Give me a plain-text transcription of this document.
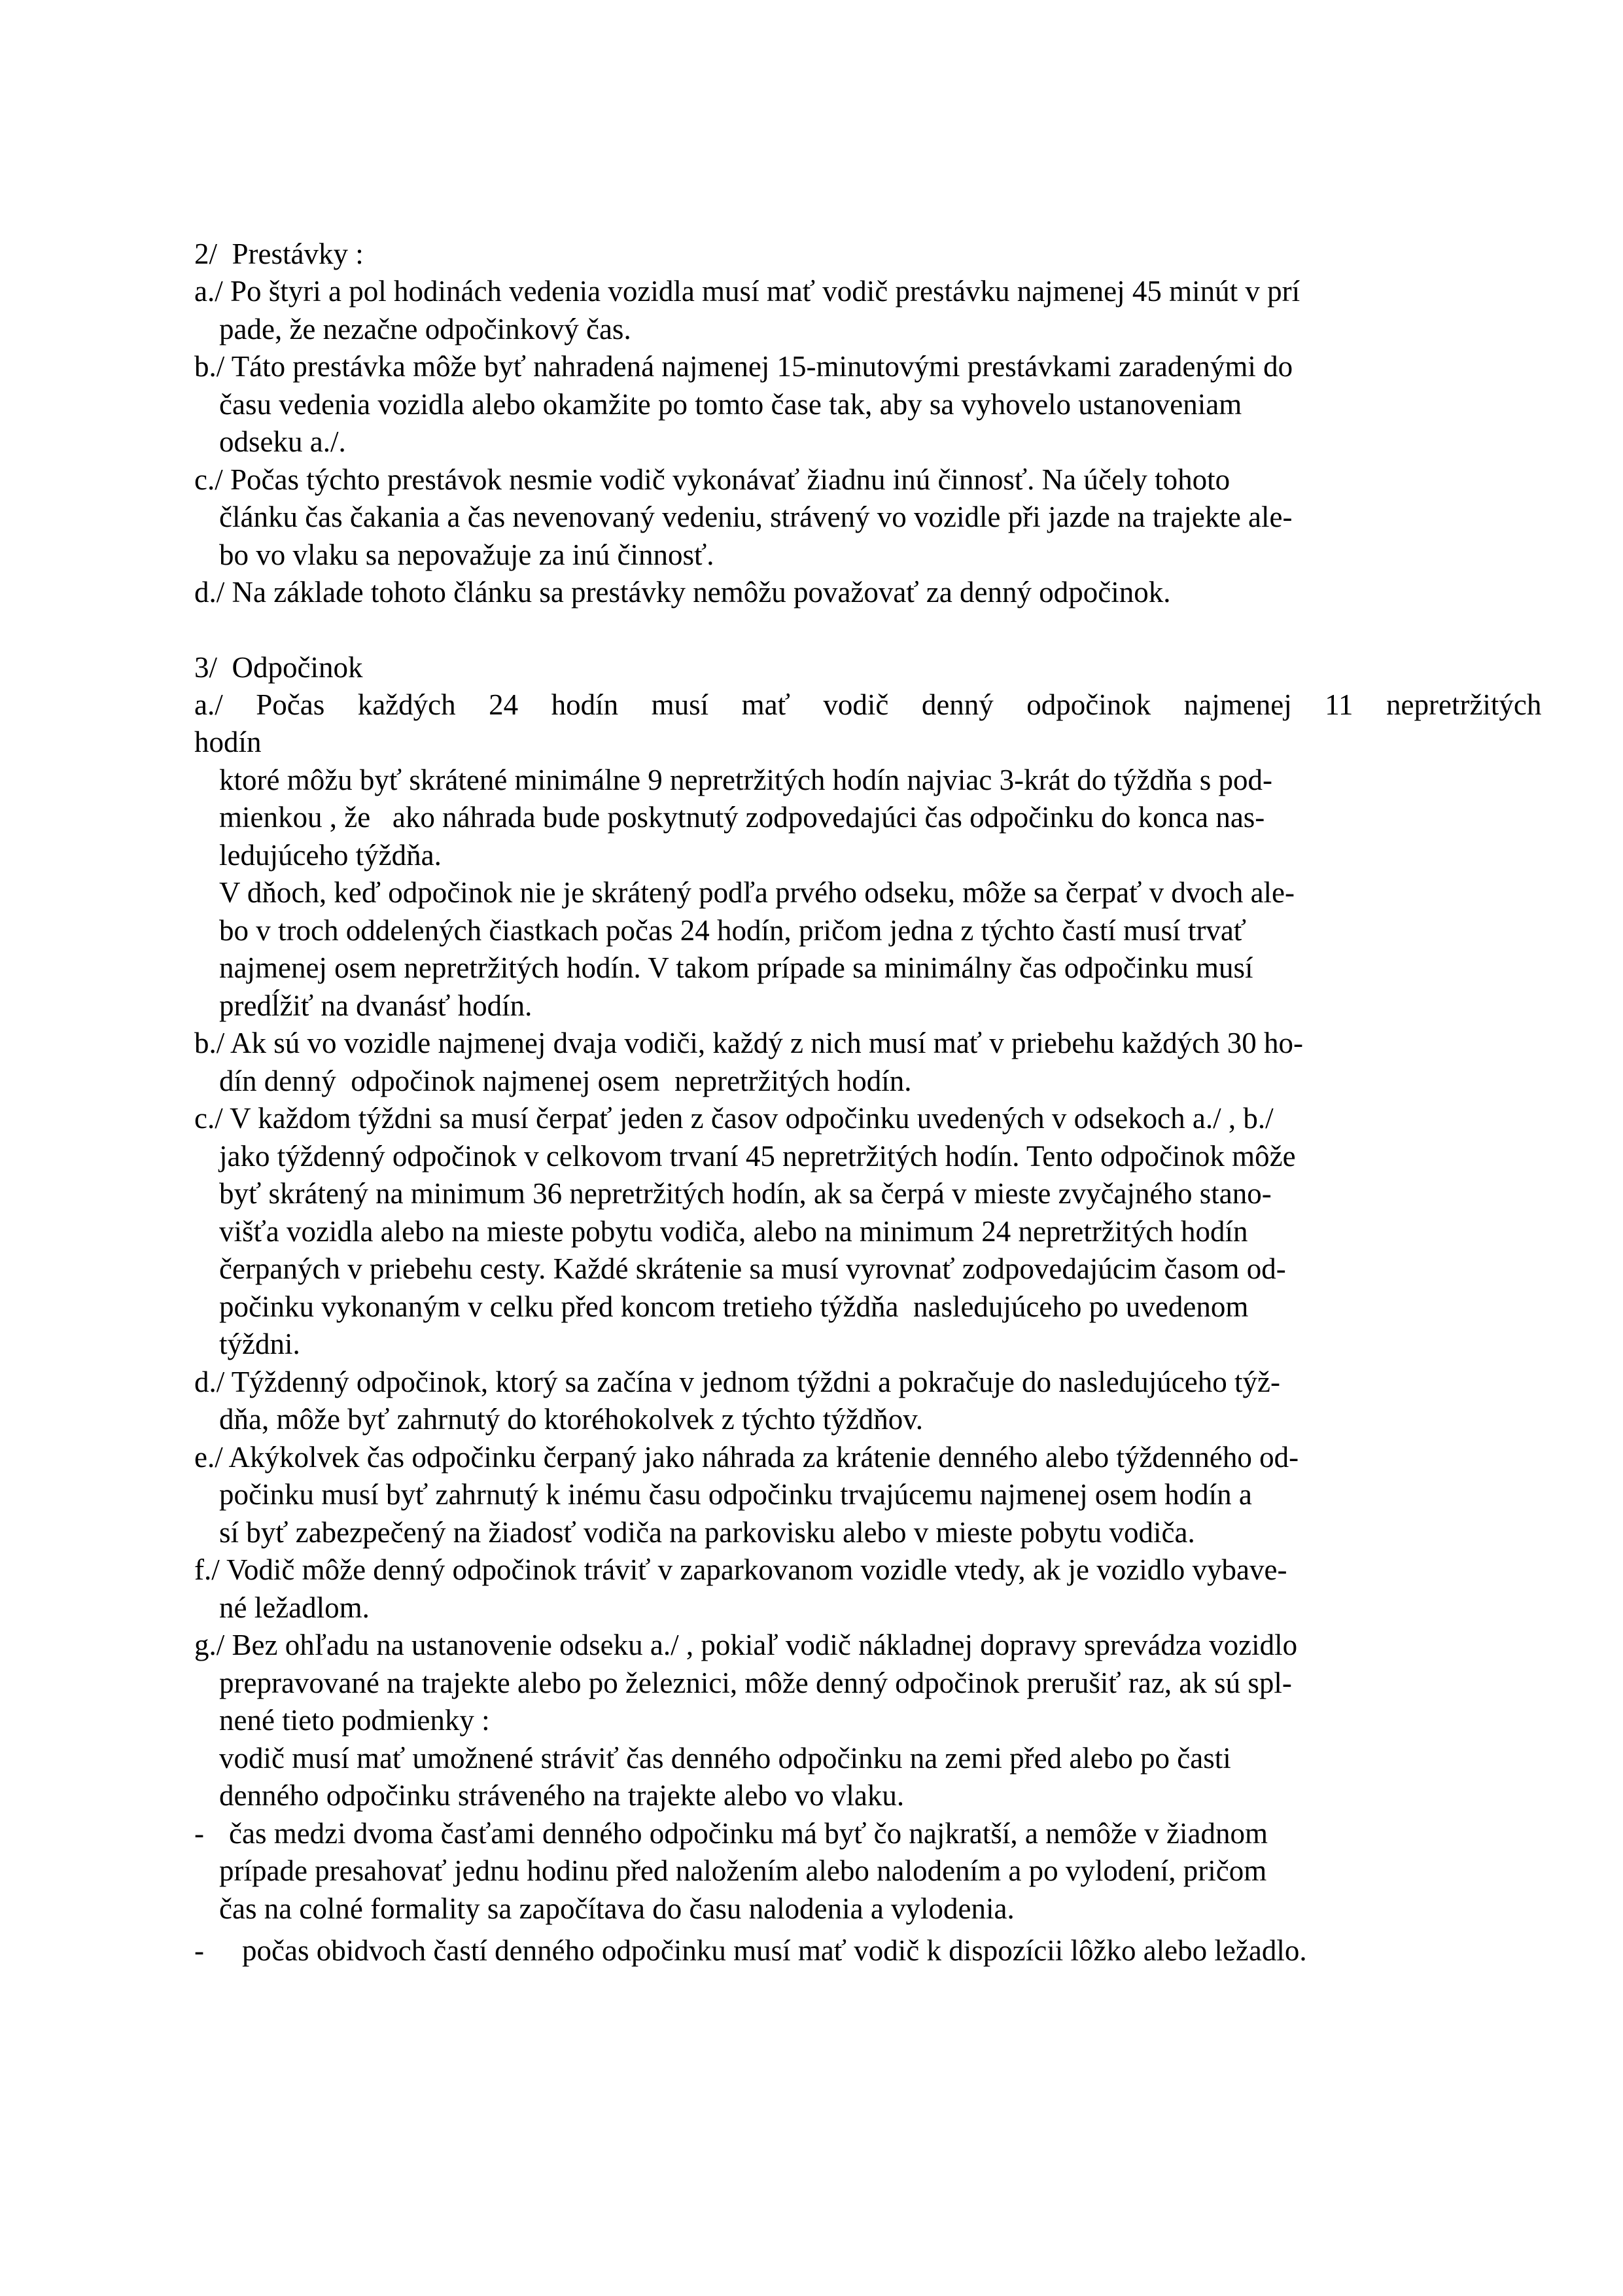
2/  Prestávky :
a./ Po štyri a pol hodinách vedenia vozidla musí mať vodič prestávku najmenej 45 minút v prí
pade, že nezačne odpočinkový čas.
b./ Táto prestávka môže byť nahradená najmenej 15-minutovými prestávkami zaradenými do
času vedenia vozidla alebo okamžite po tomto čase tak, aby sa vyhovelo ustanoveniam
odseku a./.
c./ Počas týchto prestávok nesmie vodič vykonávať žiadnu inú činnosť. Na účely tohoto
článku čas čakania a čas nevenovaný vedeniu, strávený vo vozidle při jazde na trajekte ale-
bo vo vlaku sa nepovažuje za inú činnosť.
d./ Na základe tohoto článku sa prestávky nemôžu považovať za denný odpočinok.
3/  Odpočinok
a./  Počas  každých  24  hodín  musí  mať  vodič  denný  odpočinok  najmenej  11  nepretržitých
hodín
ktoré môžu byť skrátené minimálne 9 nepretržitých hodín najviac 3-krát do týždňa s pod-
mienkou , že   ako náhrada bude poskytnutý zodpovedajúci čas odpočinku do konca nas-
ledujúceho týždňa.
V dňoch, keď odpočinok nie je skrátený podľa prvého odseku, môže sa čerpať v dvoch ale-
bo v troch oddelených čiastkach počas 24 hodín, pričom jedna z týchto častí musí trvať
najmenej osem nepretržitých hodín. V takom prípade sa minimálny čas odpočinku musí
predĺžiť na dvanásť hodín.
b./ Ak sú vo vozidle najmenej dvaja vodiči, každý z nich musí mať v priebehu každých 30 ho-
dín denný  odpočinok najmenej osem  nepretržitých hodín.
c./ V každom týždni sa musí čerpať jeden z časov odpočinku uvedených v odsekoch a./ , b./
jako týždenný odpočinok v celkovom trvaní 45 nepretržitých hodín. Tento odpočinok môže
byť skrátený na minimum 36 nepretržitých hodín, ak sa čerpá v mieste zvyčajného stano-
višťa vozidla alebo na mieste pobytu vodiča, alebo na minimum 24 nepretržitých hodín
čerpaných v priebehu cesty. Každé skrátenie sa musí vyrovnať zodpovedajúcim časom od-
počinku vykonaným v celku před koncom tretieho týždňa  nasledujúceho po uvedenom
týždni.
d./ Týždenný odpočinok, ktorý sa začína v jednom týždni a pokračuje do nasledujúceho týž-
dňa, môže byť zahrnutý do ktoréhokolvek z týchto týždňov.
e./ Akýkolvek čas odpočinku čerpaný jako náhrada za krátenie denného alebo týždenného od-
počinku musí byť zahrnutý k inému času odpočinku trvajúcemu najmenej osem hodín a
sí byť zabezpečený na žiadosť vodiča na parkovisku alebo v mieste pobytu vodiča.
f./ Vodič môže denný odpočinok tráviť v zaparkovanom vozidle vtedy, ak je vozidlo vybave-
né ležadlom.
g./ Bez ohľadu na ustanovenie odseku a./ , pokiaľ vodič nákladnej dopravy sprevádza vozidlo
prepravované na trajekte alebo po železnici, môže denný odpočinok prerušiť raz, ak sú spl-
nené tieto podmienky :
vodič musí mať umožnené stráviť čas denného odpočinku na zemi před alebo po časti
denného odpočinku stráveného na trajekte alebo vo vlaku.
- čas medzi dvoma časťami denného odpočinku má byť čo najkratší, a nemôže v žiadnom
prípade presahovať jednu hodinu před naložením alebo nalodením a po vylodení, pričom
čas na colné formality sa započítava do času nalodenia a vylodenia.
- počas obidvoch častí denného odpočinku musí mať vodič k dispozícii lôžko alebo ležadlo.
